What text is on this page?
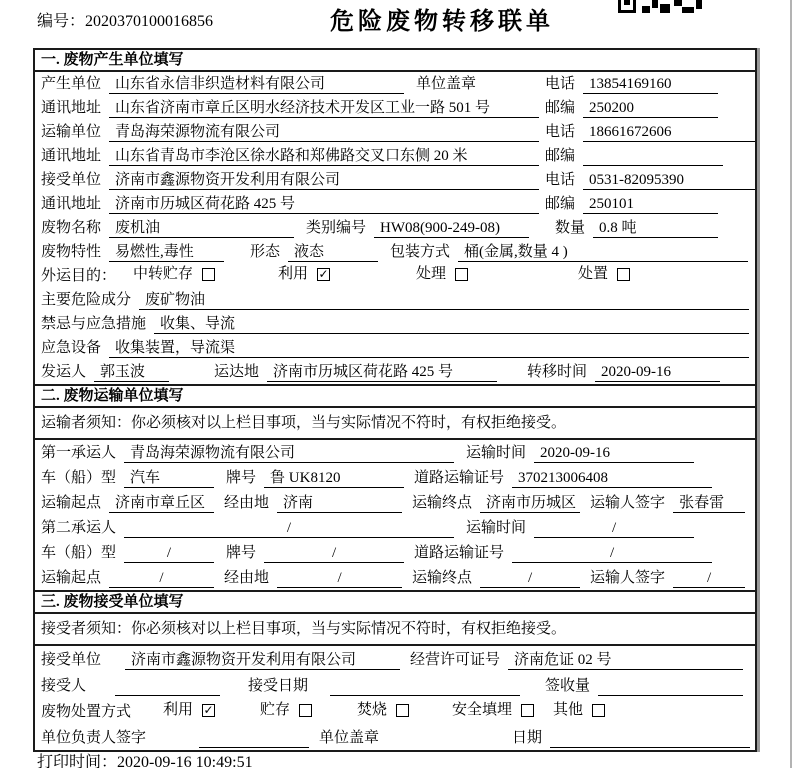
编号：2020370100016856	危险废物转移联单
一. 废物产生单位填写
产生单位 山东省永信非织造材料有限公司	单位盖章	电话 13854169160
通讯地址 山东省济南市章丘区明水经济技术开发区工业一路 501 号	邮编 250200
运输单位 青岛海荣源物流有限公司	电话 18661672606
通讯地址 山东省青岛市李沧区徐水路和郑佛路交叉口东侧 20 米	邮编
接受单位 济南市鑫源物资开发利用有限公司	电话 0531-82095390
通讯地址 济南市历城区荷花路 425 号	邮编 250101
废物名称 废机油	类别编号 HW08(900-249-08)	数量 0.8 吨
废物特性 易燃性,毒性	形态 液态	包装方式 桶(金属,数量 4 )
外运目的： 中转贮存	利用 ✓	处理	处置
主要危险成分 废矿物油
禁忌与应急措施 收集、导流
应急设备 收集装置，导流渠
发运人 郭玉波	运达地 济南市历城区荷花路 425 号	转移时间 2020-09-16
二. 废物运输单位填写
运输者须知：你必须核对以上栏目事项，当与实际情况不符时，有权拒绝接受。
第一承运人 青岛海荣源物流有限公司	运输时间 2020-09-16
车（船）型 汽车	牌号 鲁 UK8120	道路运输证号 370213006408
运输起点 济南市章丘区	经由地 济南	运输终点 济南市历城区 运输人签字 张春雷
第二承运人	/	运输时间	/
车（船）型	/	牌号	/	道路运输证号	/
运输起点	/	经由地	/	运输终点	/	运输人签字	/
三. 废物接受单位填写
接受者须知：你必须核对以上栏目事项，当与实际情况不符时，有权拒绝接受。
接受单位	济南市鑫源物资开发利用有限公司	经营许可证号 济南危证 02 号
接受人	接受日期	签收量
废物处置方式 利用 ✓	贮存	焚烧	安全填埋	其他
单位负责人签字	单位盖章	日期
打印时间：2020-09-16 10:49:51
